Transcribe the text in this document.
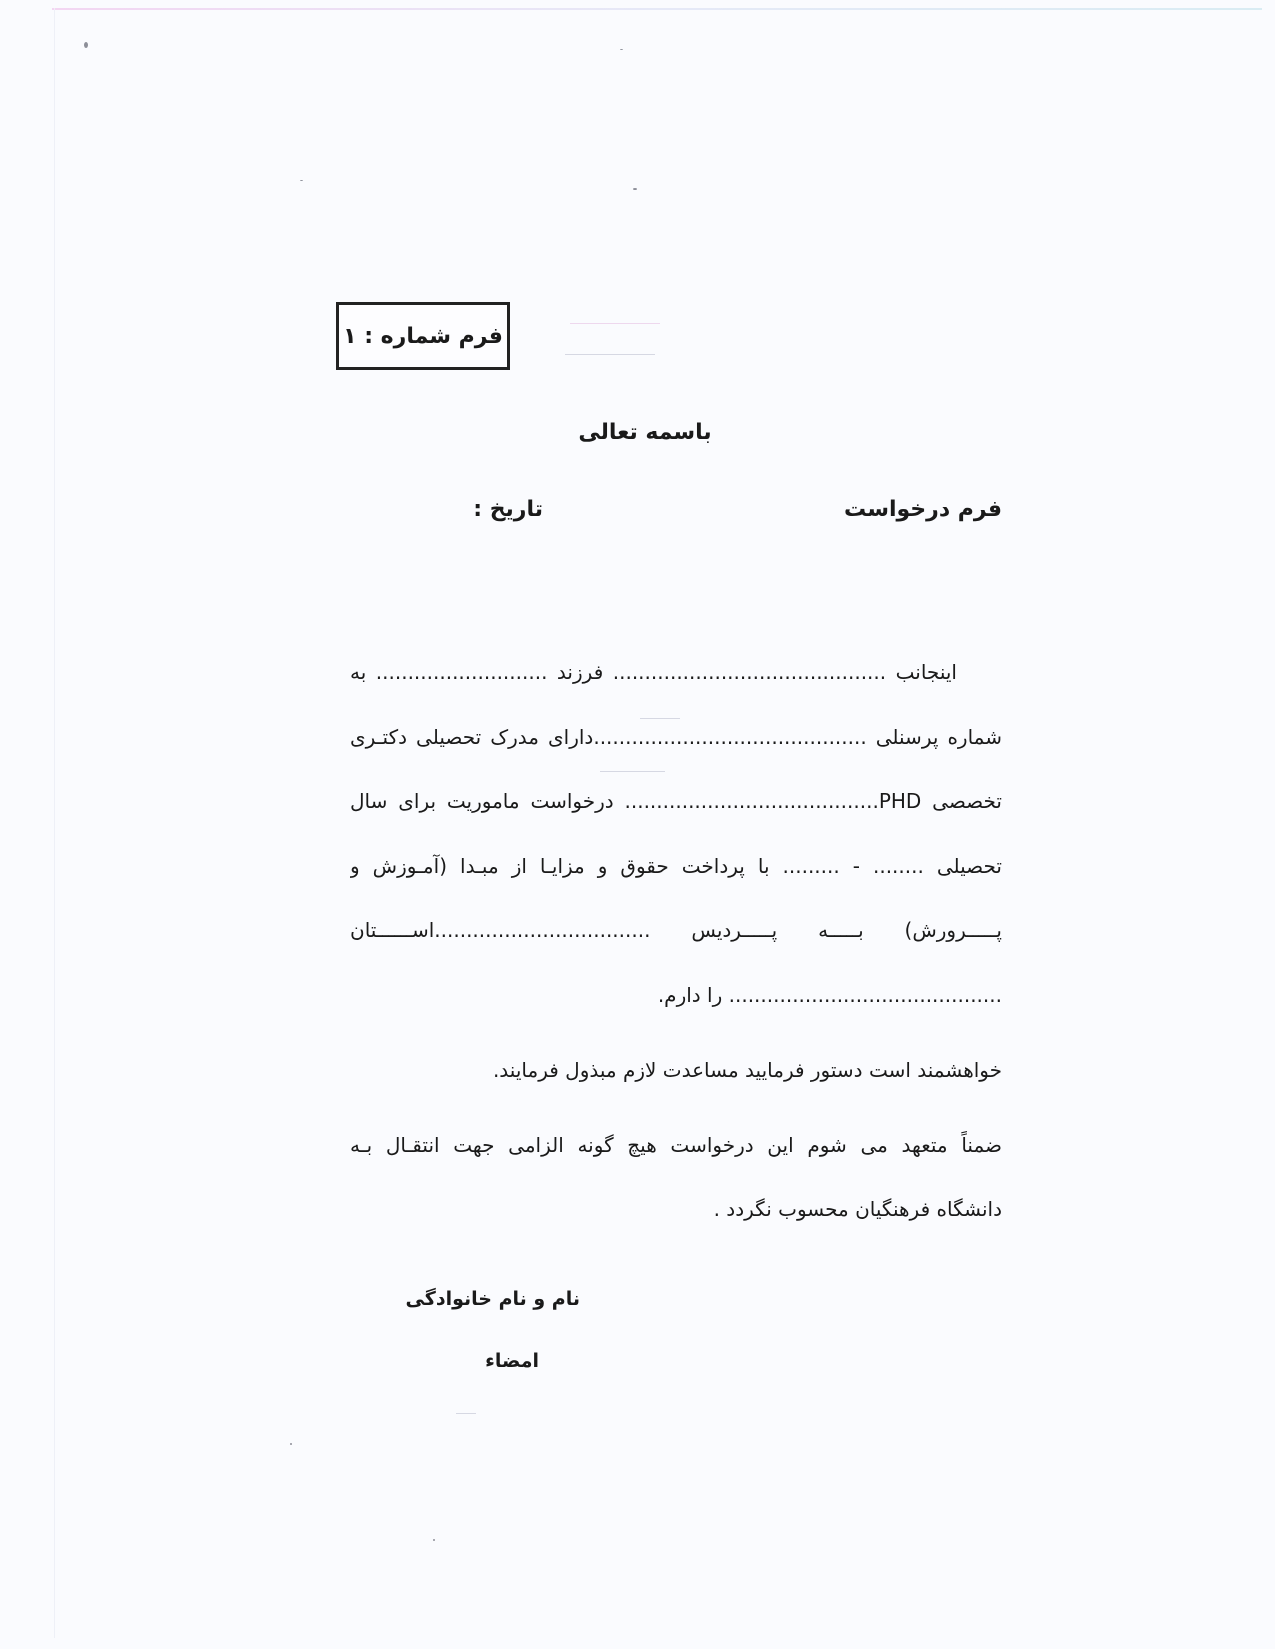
فرم شماره : ۱
باسمه تعالی
فرم درخواست
تاریخ :
اینجانب ........................................... فرزند ........................... به
شماره پرسنلی ...........................................دارای مدرک تحصیلی دکتـری
تخصصی PHD........................................ درخواست ماموریت برای سال
تحصیلی ........ - ......... با پرداخت حقوق و مزایـا از مبـدا (آمـوزش و
پـــــرورش) بـــــه پـــــردیس ..................................اســــــتان
........................................... را دارم.
خواهشمند است دستور فرمایید مساعدت لازم مبذول فرمایند.
ضمناً متعهد می شوم این درخواست هیچ گونه الزامی جهت انتقـال بـه
دانشگاه فرهنگیان محسوب نگردد .
نام و نام خانوادگی
امضاء
